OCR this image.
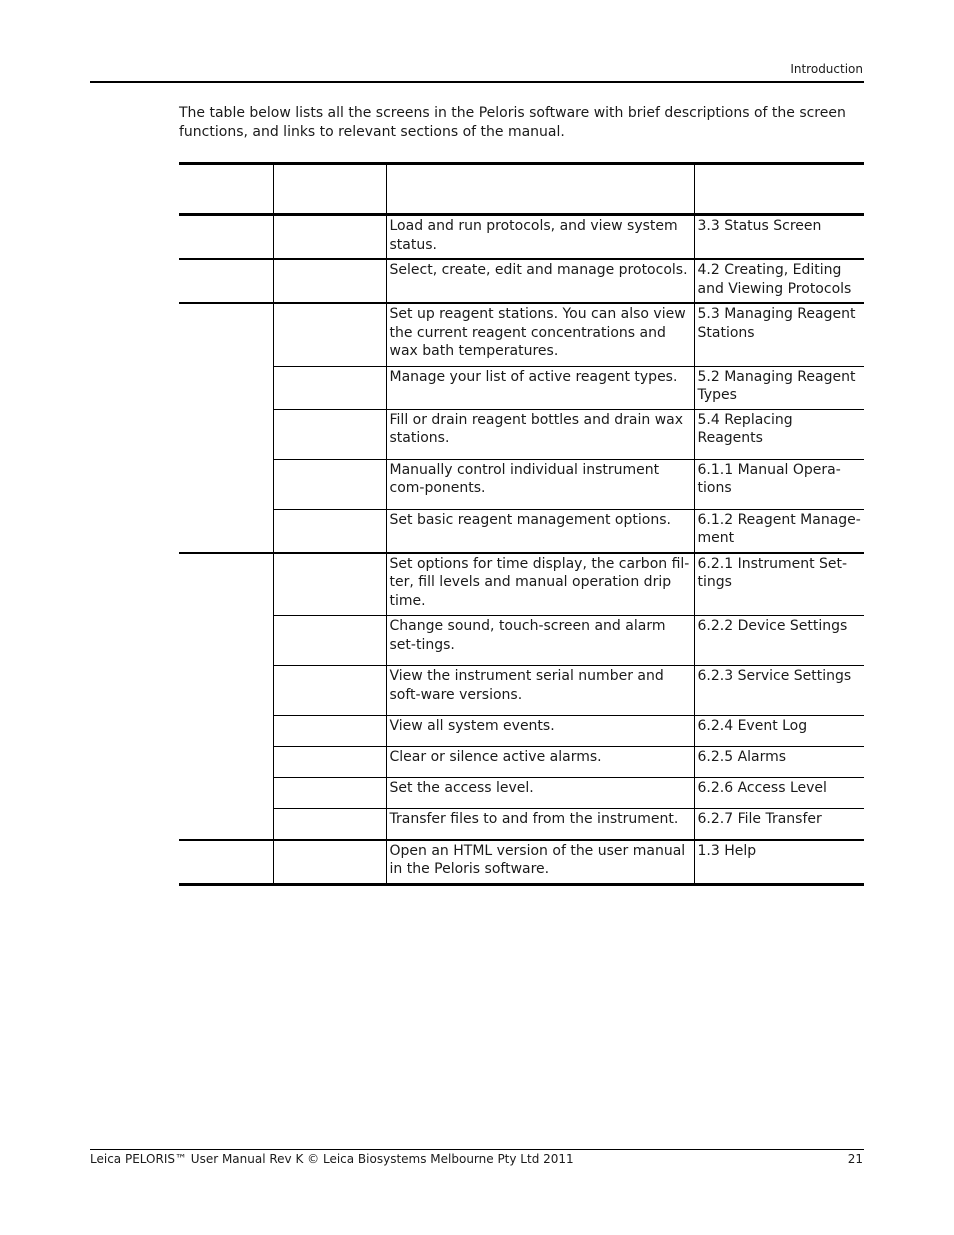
Introduction

The table below lists all the screens in the Peloris software with brief descriptions of the screen functions, and links to relevant sections of the manual.

		Load and run protocols, and view system status.	3.3 Status Screen
		Select, create, edit and manage protocols.	4.2 Creating, Editing and Viewing Protocols
		Set up reagent stations. You can also view the current reagent concentrations and wax bath temperatures.	5.3 Managing Reagent Stations
		Manage your list of active reagent types.	5.2 Managing Reagent Types
		Fill or drain reagent bottles and drain wax stations.	5.4 Replacing Reagents
		Manually control individual instrument com-ponents.	6.1.1 Manual Opera-tions
		Set basic reagent management options.	6.1.2 Reagent Manage-ment
		Set options for time display, the carbon fil-ter, fill levels and manual operation drip time.	6.2.1 Instrument Set-tings
		Change sound, touch-screen and alarm set-tings.	6.2.2 Device Settings
		View the instrument serial number and soft-ware versions.	6.2.3 Service Settings
		View all system events.	6.2.4 Event Log
		Clear or silence active alarms.	6.2.5 Alarms
		Set the access level.	6.2.6 Access Level
		Transfer files to and from the instrument.	6.2.7 File Transfer
		Open an HTML version of the user manual in the Peloris software.	1.3 Help
Leica PELORIS™ User Manual Rev K © Leica Biosystems Melbourne Pty Ltd 2011	21
